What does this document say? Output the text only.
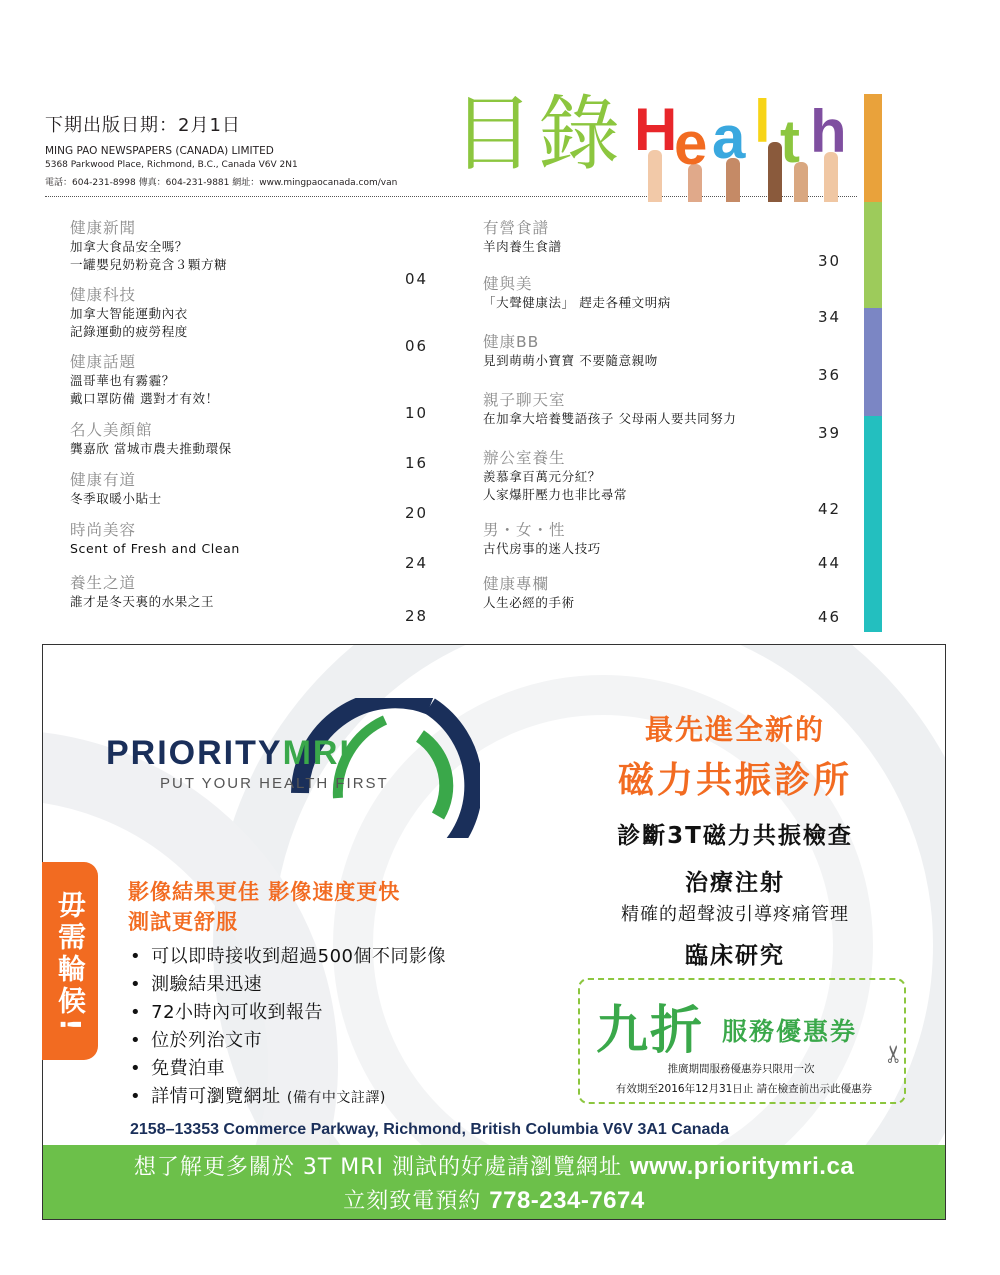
下期出版日期：2月1日
MING PAO NEWSPAPERS (CANADA) LIMITED
5368 Parkwood Place, Richmond, B.C., Canada V6V 2N1
電話：604-231-8998 傳真：604-231-9881 網址：www.mingpaocanada.com/van
目錄 H
e a l t h
健康新聞
加拿大食品安全嗎？
一罐嬰兒奶粉竟含３顆方糖
04
健康科技
加拿大智能運動內衣
記錄運動的疲勞程度
06
健康話題
溫哥華也有霧霾？
戴口罩防備 選對才有效！
10
名人美顏館
龔嘉欣 當城市農夫推動環保
16
健康有道
冬季取暖小貼士
20
時尚美容
Scent of Fresh and Clean
24
養生之道
誰才是冬天裏的水果之王
28
有營食譜
羊肉養生食譜
30
健與美
「大聲健康法」 趕走各種文明病
34
健康BB
見到萌萌小寶寶 不要隨意親吻
36
親子聊天室
在加拿大培養雙語孩子 父母兩人要共同努力
39
辦公室養生
羨慕拿百萬元分紅？
人家爆肝壓力也非比尋常
42
男・女・性
古代房事的迷人技巧
44
健康專欄
人生必經的手術
46
PRIORITYMRI
PUT YOUR HEALTH FIRST
毋需輪候! 影像結果更佳 影像速度更快
測試更舒服
• 可以即時接收到超過500個不同影像
• 測驗結果迅速
• 72小時內可收到報告
• 位於列治文市
• 免費泊車
• 詳情可瀏覽網址 (備有中文註譯)
最先進全新的
磁力共振診所
診斷3T磁力共振檢查
治療注射
精確的超聲波引導疼痛管理
臨床研究
九折 服務優惠券
推廣期間服務優惠券只限用一次
有效期至2016年12月31日止 請在檢查前出示此優惠券
✂
2158–13353 Commerce Parkway, Richmond, British Columbia V6V 3A1 Canada
想了解更多關於 3T MRI 測試的好處請瀏覽網址 www.prioritymri.ca
立刻致電預約 778-234-7674
